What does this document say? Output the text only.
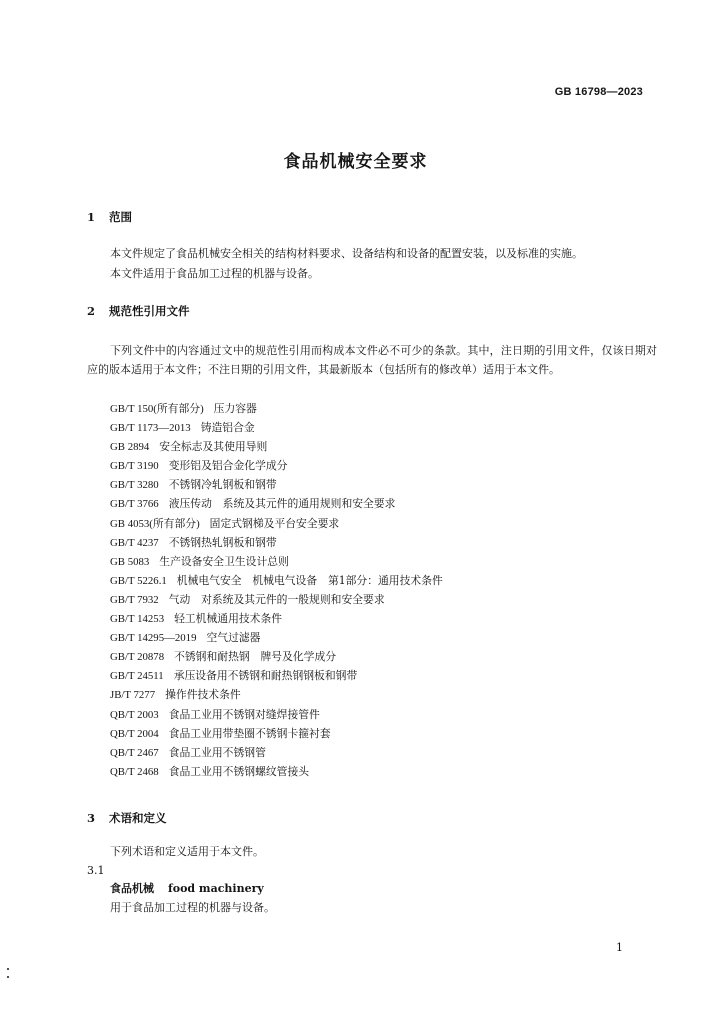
GB 16798—2023
食品机械安全要求
1 范围
本文件规定了食品机械安全相关的结构材料要求、设备结构和设备的配置安装，以及标准的实施。
本文件适用于食品加工过程的机器与设备。
2 规范性引用文件
下列文件中的内容通过文中的规范性引用而构成本文件必不可少的条款。其中，注日期的引用文件，仅该日期对应的版本适用于本文件；不注日期的引用文件，其最新版本（包括所有的修改单）适用于本文件。
GB/T 150(所有部分) 压力容器
GB/T 1173—2013 铸造铝合金
GB 2894 安全标志及其使用导则
GB/T 3190 变形铝及铝合金化学成分
GB/T 3280 不锈钢冷轧钢板和钢带
GB/T 3766 液压传动　系统及其元件的通用规则和安全要求
GB 4053(所有部分) 固定式钢梯及平台安全要求
GB/T 4237 不锈钢热轧钢板和钢带
GB 5083 生产设备安全卫生设计总则
GB/T 5226.1 机械电气安全　机械电气设备　第1部分：通用技术条件
GB/T 7932 气动　对系统及其元件的一般规则和安全要求
GB/T 14253 轻工机械通用技术条件
GB/T 14295—2019 空气过滤器
GB/T 20878 不锈钢和耐热钢　牌号及化学成分
GB/T 24511 承压设备用不锈钢和耐热钢钢板和钢带
JB/T 7277 操作件技术条件
QB/T 2003 食品工业用不锈钢对缝焊接管件
QB/T 2004 食品工业用带垫圈不锈钢卡箍衬套
QB/T 2467 食品工业用不锈钢管
QB/T 2468 食品工业用不锈钢螺纹管接头
3 术语和定义
下列术语和定义适用于本文件。
3.1
食品机械 food machinery
用于食品加工过程的机器与设备。
1
